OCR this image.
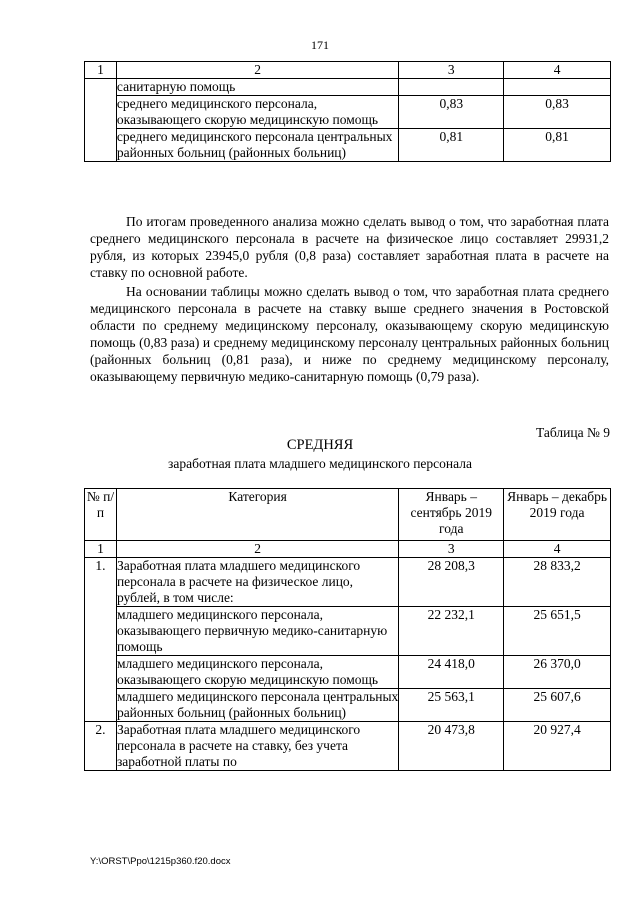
171
1	2	3	4
	санитарную помощь		
	среднего медицинского персонала, оказывающего скорую медицинскую помощь	0,83	0,83
	среднего медицинского персонала центральных районных больниц (районных больниц)	0,81	0,81

По итогам проведенного анализа можно сделать вывод о том, что заработная плата среднего медицинского персонала в расчете на физическое лицо составляет 29931,2 рубля, из которых 23945,0 рубля (0,8 раза) составляет заработная плата в расчете на ставку по основной работе.

На основании таблицы можно сделать вывод о том, что заработная плата среднего медицинского персонала в расчете на ставку выше среднего значения в Ростовской области по среднему медицинскому персоналу, оказывающему скорую медицинскую помощь (0,83 раза) и среднему медицинскому персоналу центральных районных больниц (районных больниц (0,81 раза), и ниже по среднему медицинскому персоналу, оказывающему первичную медико-санитарную помощь (0,79 раза).

Таблица № 9
СРЕДНЯЯ
заработная плата младшего медицинского персонала
№ п/п	Категория	Январь – сентябрь 2019 года	Январь – декабрь 2019 года
1	2	3	4
1.	Заработная плата младшего медицинского персонала в расчете на физическое лицо, рублей, в том числе:	28 208,3	28 833,2
	младшего медицинского персонала, оказывающего первичную медико-санитарную помощь	22 232,1	25 651,5
	младшего медицинского персонала, оказывающего скорую медицинскую помощь	24 418,0	26 370,0
	младшего медицинского персонала центральных районных больниц (районных больниц)	25 563,1	25 607,6
2.	Заработная плата младшего медицинского персонала в расчете на ставку, без учета заработной платы по	20 473,8	20 927,4
Y:\ORST\Ppo\1215p360.f20.docx
